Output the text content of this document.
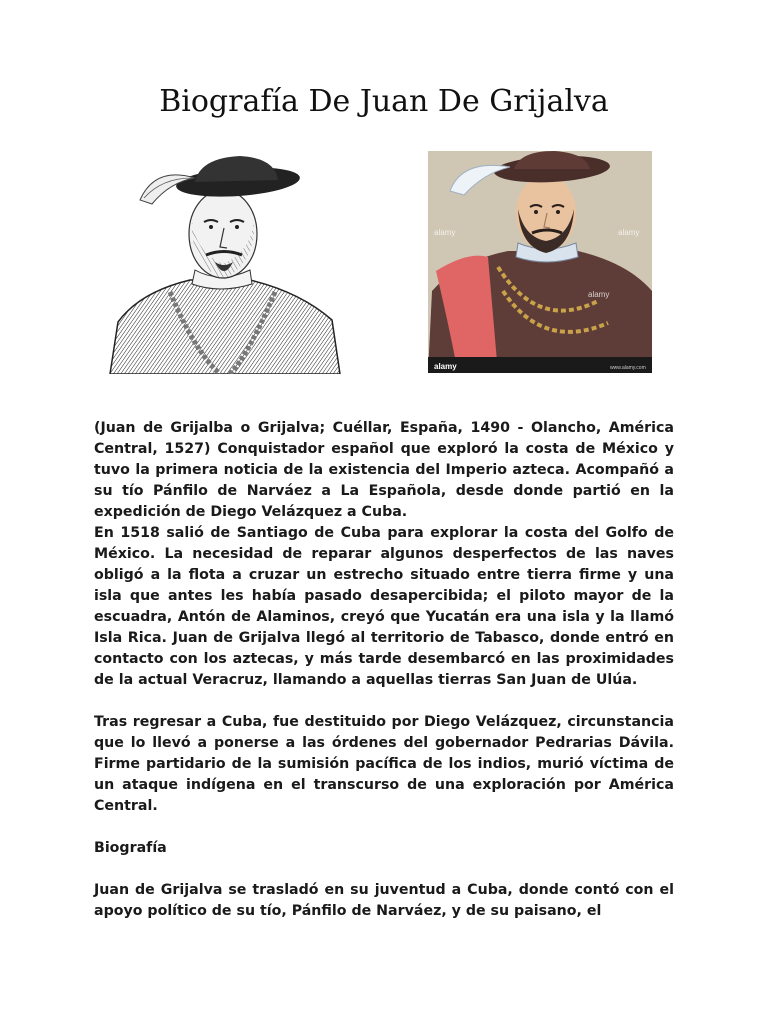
Biografía De Juan De Grijalva
alamy	alamy
alamy
alamy	www.alamy.com

(Juan de Grijalba o Grijalva; Cuéllar, España, 1490 - Olancho, América Central, 1527) Conquistador español que exploró la costa de México y tuvo la primera noticia de la existencia del Imperio azteca. Acompañó a su tío Pánfilo de Narváez a La Española, desde donde partió en la expedición de Diego Velázquez a Cuba.

En 1518 salió de Santiago de Cuba para explorar la costa del Golfo de México. La necesidad de reparar algunos desperfectos de las naves obligó a la flota a cruzar un estrecho situado entre tierra firme y una isla que antes les había pasado desapercibida; el piloto mayor de la escuadra, Antón de Alaminos, creyó que Yucatán era una isla y la llamó Isla Rica. Juan de Grijalva llegó al territorio de Tabasco, donde entró en contacto con los aztecas, y más tarde desembarcó en las proximidades de la actual Veracruz, llamando a aquellas tierras San Juan de Ulúa.

Tras regresar a Cuba, fue destituido por Diego Velázquez, circunstancia que lo llevó a ponerse a las órdenes del gobernador Pedrarias Dávila. Firme partidario de la sumisión pacífica de los indios, murió víctima de un ataque indígena en el transcurso de una exploración por América Central.

Biografía

Juan de Grijalva se trasladó en su juventud a Cuba, donde contó con el apoyo político de su tío, Pánfilo de Narváez, y de su paisano, el
